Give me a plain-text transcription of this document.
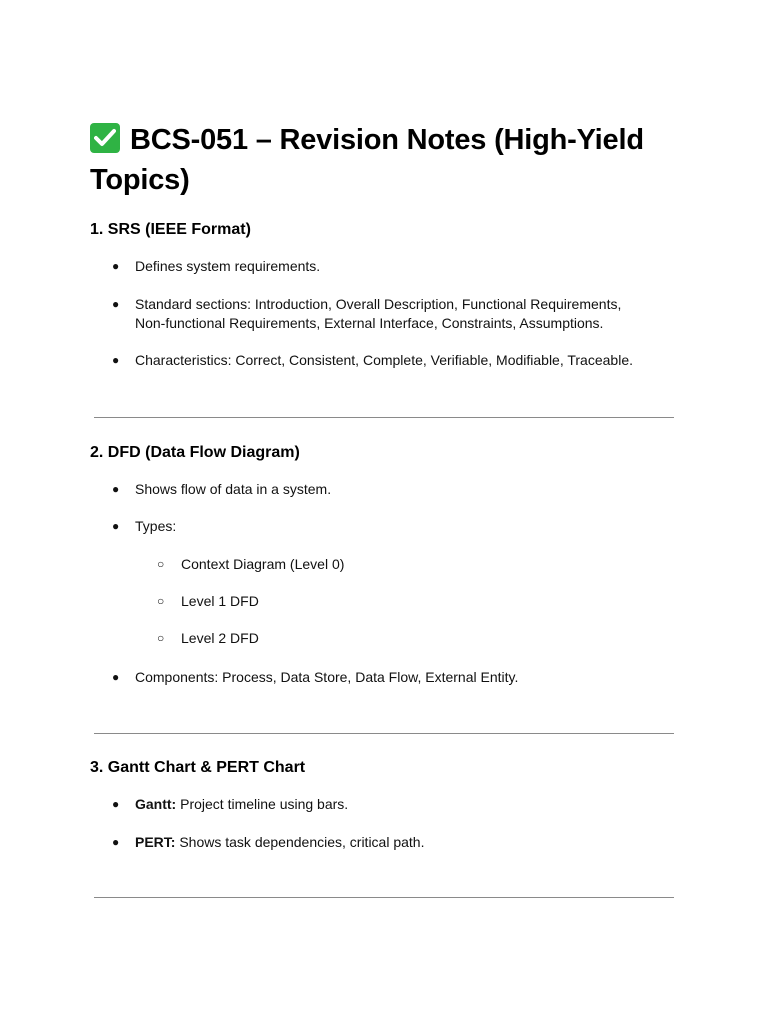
BCS-051 – Revision Notes (High-Yield Topics)
1. SRS (IEEE Format)
● Defines system requirements.
● Standard sections: Introduction, Overall Description, Functional Requirements, Non-functional Requirements, External Interface, Constraints, Assumptions.
● Characteristics: Correct, Consistent, Complete, Verifiable, Modifiable, Traceable.
2. DFD (Data Flow Diagram)
● Shows flow of data in a system.
● Types:
○ Context Diagram (Level 0)
○ Level 1 DFD
○ Level 2 DFD
● Components: Process, Data Store, Data Flow, External Entity.
3. Gantt Chart & PERT Chart
● Gantt: Project timeline using bars.
● PERT: Shows task dependencies, critical path.
